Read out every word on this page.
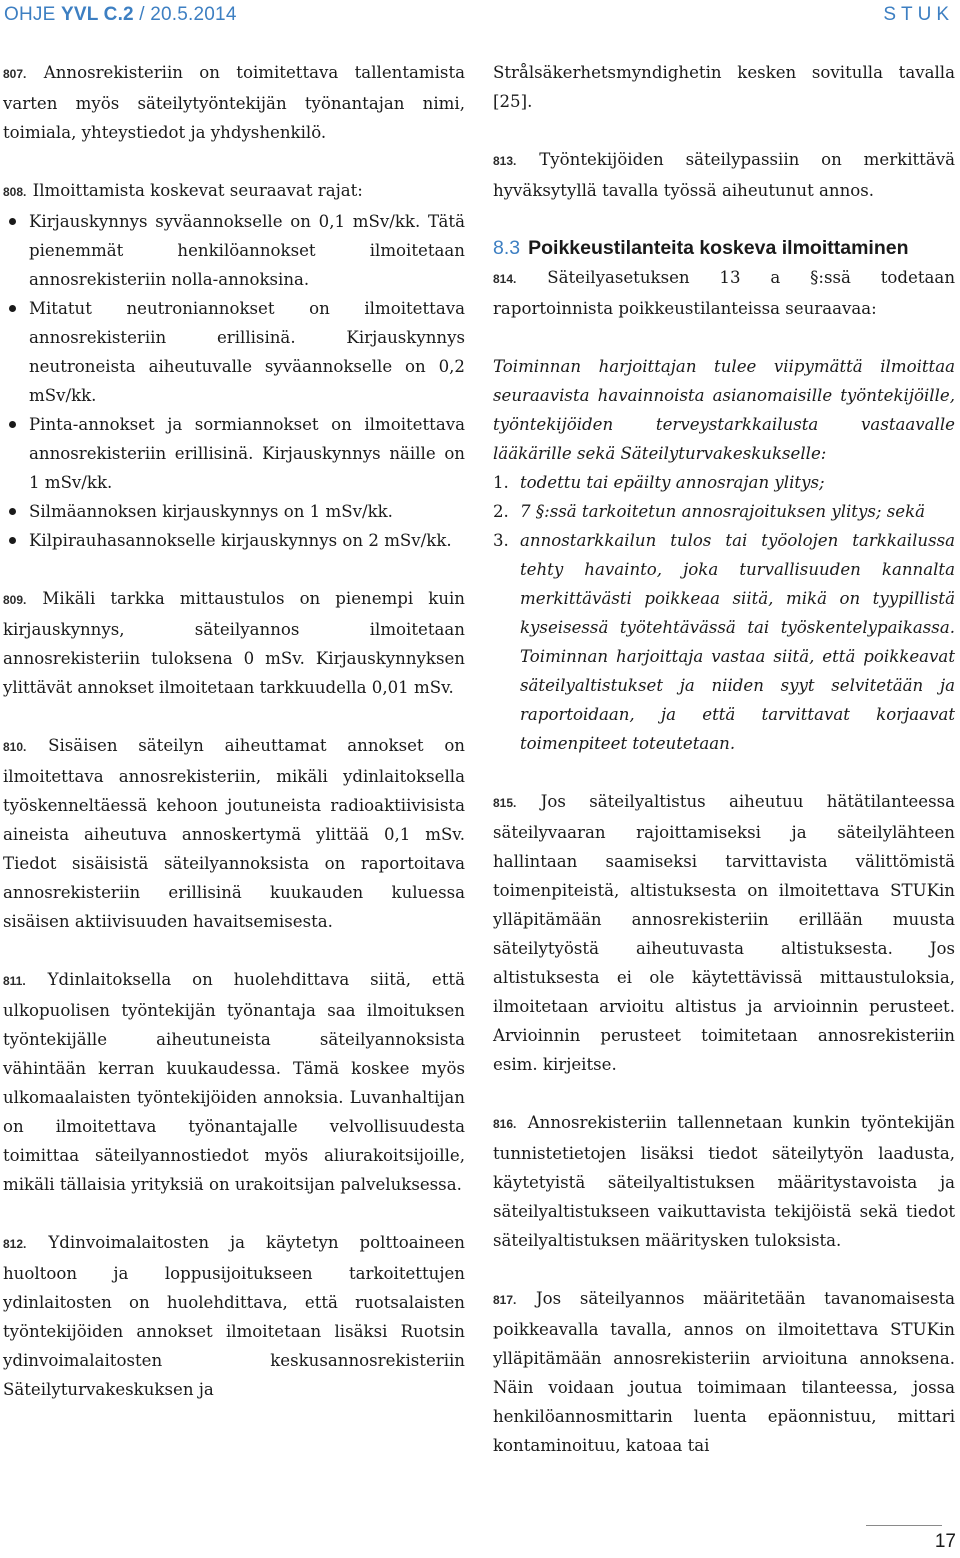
OHJE YVL C.2 / 20.5.2014	STUK

807. Annosrekisteriin on toimitettava tallentamista varten myös säteilytyöntekijän työnantajan nimi, toimiala, yhteystiedot ja yhdyshenkilö.

808. Ilmoittamista koskevat seuraavat rajat:

Kirjauskynnys syväannokselle on 0,1 mSv/kk. Tätä pienemmät henkilöannokset ilmoitetaan annosrekisteriin nolla-annoksina.
Mitatut neutroniannokset on ilmoitettava annosrekisteriin erillisinä. Kirjauskynnys neutroneista aiheutuvalle syväannokselle on 0,2 mSv/kk.
Pinta-annokset ja sormiannokset on ilmoitettava annosrekisteriin erillisinä. Kirjauskynnys näille on 1 mSv/kk.
Silmäannoksen kirjauskynnys on 1 mSv/kk.
Kilpirauhasannokselle kirjauskynnys on 2 mSv/kk.

809. Mikäli tarkka mittaustulos on pienempi kuin kirjauskynnys, säteilyannos ilmoitetaan annosrekisteriin tuloksena 0 mSv. Kirjauskynnyksen ylittävät annokset ilmoitetaan tarkkuudella 0,01 mSv.

810. Sisäisen säteilyn aiheuttamat annokset on ilmoitettava annosrekisteriin, mikäli ydinlaitoksella työskenneltäessä kehoon joutuneista radioaktiivisista aineista aiheutuva annoskertymä ylittää 0,1 mSv. Tiedot sisäisistä säteilyannoksista on raportoitava annosrekisteriin erillisinä kuukauden kuluessa sisäisen aktiivisuuden havaitsemisesta.

811. Ydinlaitoksella on huolehdittava siitä, että ulkopuolisen työntekijän työnantaja saa ilmoituksen työntekijälle aiheutuneista säteilyannoksista vähintään kerran kuukaudessa. Tämä koskee myös ulkomaalaisten työntekijöiden annoksia. Luvanhaltijan on ilmoitettava työnantajalle velvollisuudesta toimittaa säteilyannostiedot myös aliurakoitsijoille, mikäli tällaisia yrityksiä on urakoitsijan palveluksessa.

812. Ydinvoimalaitosten ja käytetyn polttoaineen huoltoon ja loppusijoitukseen tarkoitettujen ydinlaitosten on huolehdittava, että ruotsalaisten työntekijöiden annokset ilmoitetaan lisäksi Ruotsin ydinvoimalaitosten keskusannosrekisteriin Säteilyturvakeskuksen ja

Strålsäkerhetsmyndighetin kesken sovitulla tavalla [25].

813. Työntekijöiden säteilypassiin on merkittävä hyväksytyllä tavalla työssä aiheutunut annos.

8.3 Poikkeustilanteita koskeva ilmoittaminen

814. Säteilyasetuksen 13 a §:ssä todetaan raportoinnista poikkeustilanteissa seuraavaa:

Toiminnan harjoittajan tulee viipymättä ilmoittaa seuraavista havainnoista asianomaisille työntekijöille, työntekijöiden terveystarkkailusta vastaavalle lääkärille sekä Säteilyturvakeskukselle:

1. todettu tai epäilty annosrajan ylitys;
2. 7 §:ssä tarkoitetun annosrajoituksen ylitys; sekä
3. annostarkkailun tulos tai työolojen tarkkailussa tehty havainto, joka turvallisuuden kannalta merkittävästi poikkeaa siitä, mikä on tyypillistä kyseisessä työtehtävässä tai työskentelypaikassa. Toiminnan harjoittaja vastaa siitä, että poikkeavat säteilyaltistukset ja niiden syyt selvitetään ja raportoidaan, ja että tarvittavat korjaavat toimenpiteet toteutetaan.

815. Jos säteilyaltistus aiheutuu hätätilanteessa säteilyvaaran rajoittamiseksi ja säteilylähteen hallintaan saamiseksi tarvittavista välittömistä toimenpiteistä, altistuksesta on ilmoitettava STUKin ylläpitämään annosrekisteriin erillään muusta säteilytyöstä aiheutuvasta altistuksesta. Jos altistuksesta ei ole käytettävissä mittaustuloksia, ilmoitetaan arvioitu altistus ja arvioinnin perusteet. Arvioinnin perusteet toimitetaan annosrekisteriin esim. kirjeitse.

816. Annosrekisteriin tallennetaan kunkin työntekijän tunnistetietojen lisäksi tiedot säteilytyön laadusta, käytetyistä säteilyaltistuksen määritystavoista ja säteilyaltistukseen vaikuttavista tekijöistä sekä tiedot säteilyaltistuksen määritysken tuloksista.

817. Jos säteilyannos määritetään tavanomaisesta poikkeavalla tavalla, annos on ilmoitettava STUKin ylläpitämään annosrekisteriin arvioituna annoksena. Näin voidaan joutua toimimaan tilanteessa, jossa henkilöannosmittarin luenta epäonnistuu, mittari kontaminoituu, katoaa tai

17
